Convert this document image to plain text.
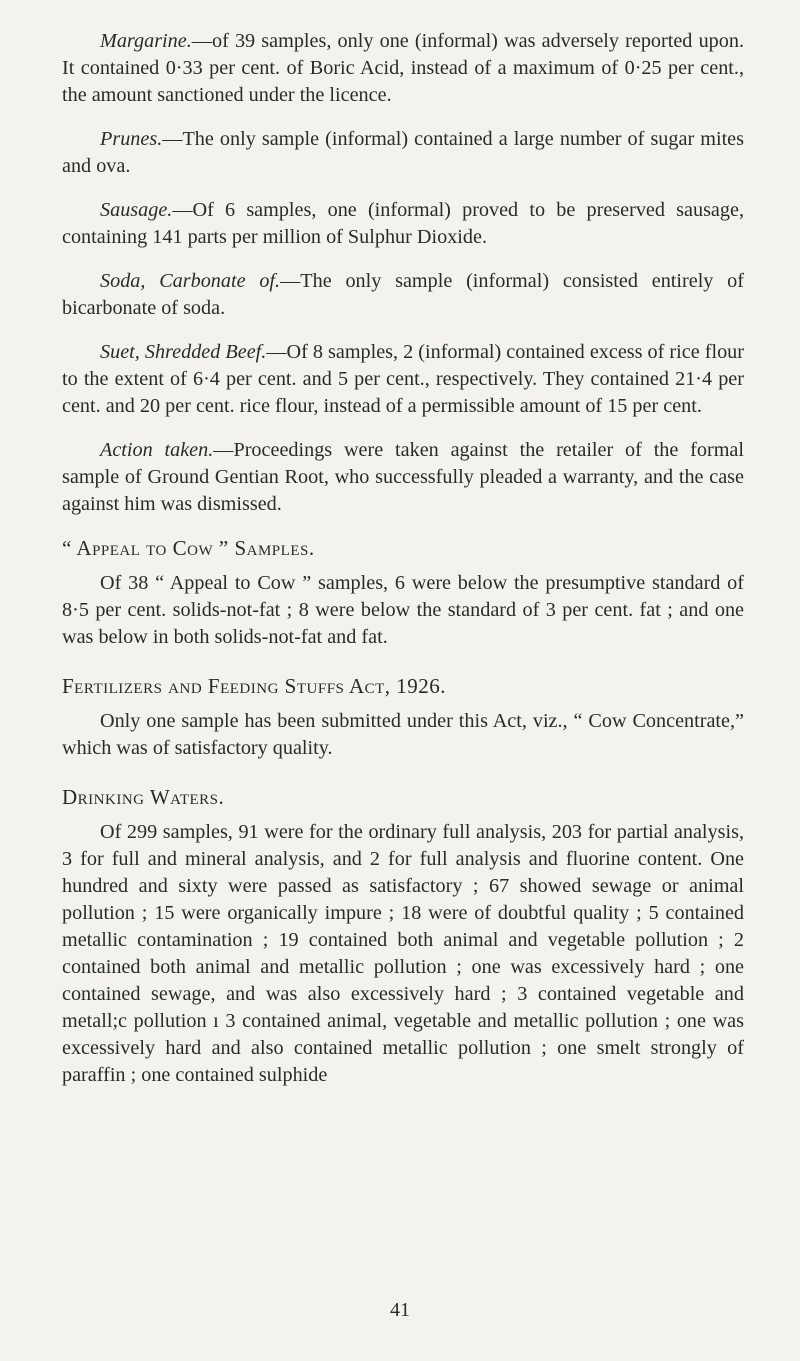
Margarine.—of 39 samples, only one (informal) was adversely reported upon. It contained 0·33 per cent. of Boric Acid, instead of a maximum of 0·25 per cent., the amount sanctioned under the licence.

Prunes.—The only sample (informal) contained a large number of sugar mites and ova.

Sausage.—Of 6 samples, one (informal) proved to be preserved sausage, containing 141 parts per million of Sulphur Dioxide.

Soda, Carbonate of.—The only sample (informal) consisted entirely of bicarbonate of soda.

Suet, Shredded Beef.—Of 8 samples, 2 (informal) contained excess of rice flour to the extent of 6·4 per cent. and 5 per cent., respectively. They contained 21·4 per cent. and 20 per cent. rice flour, instead of a permissible amount of 15 per cent.

Action taken.—Proceedings were taken against the retailer of the formal sample of Ground Gentian Root, who successfully pleaded a warranty, and the case against him was dismissed.

“ Appeal to Cow ” Samples.

Of 38 “ Appeal to Cow ” samples, 6 were below the presumptive standard of 8·5 per cent. solids-not-fat ; 8 were below the standard of 3 per cent. fat ; and one was below in both solids-not-fat and fat.

Fertilizers and Feeding Stuffs Act, 1926.

Only one sample has been submitted under this Act, viz., “ Cow Concentrate,” which was of satisfactory quality.

Drinking Waters.

Of 299 samples, 91 were for the ordinary full analysis, 203 for partial analysis, 3 for full and mineral analysis, and 2 for full analysis and fluorine content. One hundred and sixty were passed as satisfactory ; 67 showed sewage or animal pollution ; 15 were organically impure ; 18 were of doubtful quality ; 5 contained metallic contamination ; 19 contained both animal and vegetable pollution ; 2 contained both animal and metallic pollution ; one was excessively hard ; one contained sewage, and was also excessively hard ; 3 contained vegetable and metall;c pollution ı 3 contained animal, vegetable and metallic pollution ; one was excessively hard and also contained metallic pollution ; one smelt strongly of paraffin ; one contained sulphide

41
